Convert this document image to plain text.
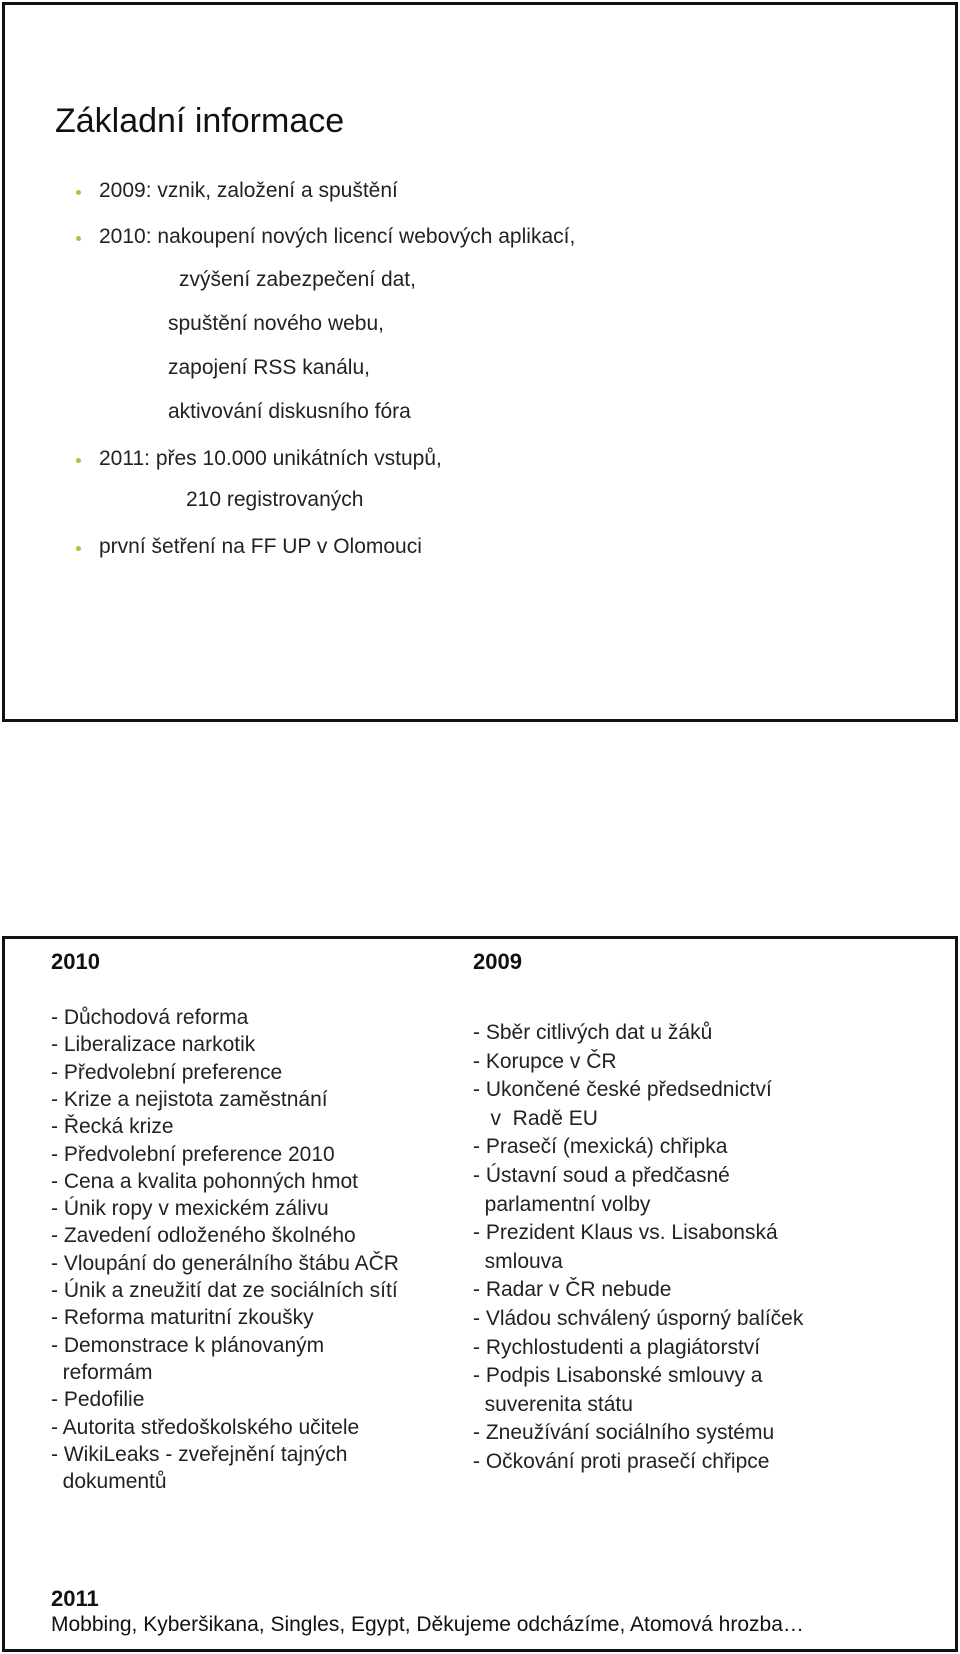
Základní informace
2009: vznik, založení a spuštění
2010: nakoupení nových licencí webových aplikací,
zvýšení zabezpečení dat,
spuštění nového webu,
zapojení RSS kanálu,
aktivování diskusního fóra
2011: přes 10.000 unikátních vstupů,
210 registrovaných
první šetření na FF UP v Olomouci
2010	2009
- Důchodová reforma
- Liberalizace narkotik
- Předvolební preference
- Krize a nejistota zaměstnání
- Řecká krize
- Předvolební preference 2010
- Cena a kvalita pohonných hmot
- Únik ropy v mexickém zálivu
- Zavedení odloženého školného
- Vloupání do generálního štábu AČR
- Únik a zneužití dat ze sociálních sítí
- Reforma maturitní zkoušky
- Demonstrace k plánovaným
reformám
- Pedofilie
- Autorita středoškolského učitele
- WikiLeaks - zveřejnění tajných
dokumentů
- Sběr citlivých dat u žáků
- Korupce v ČR
- Ukončené české předsednictví
v  Radě EU
- Prasečí (mexická) chřipka
- Ústavní soud a předčasné
parlamentní volby
- Prezident Klaus vs. Lisabonská
smlouva
- Radar v ČR nebude
- Vládou schválený úsporný balíček
- Rychlostudenti a plagiátorství
- Podpis Lisabonské smlouvy a
suverenita státu
- Zneužívání sociálního systému
- Očkování proti prasečí chřipce
2011
Mobbing, Kyberšikana, Singles, Egypt, Děkujeme odcházíme, Atomová hrozba…
